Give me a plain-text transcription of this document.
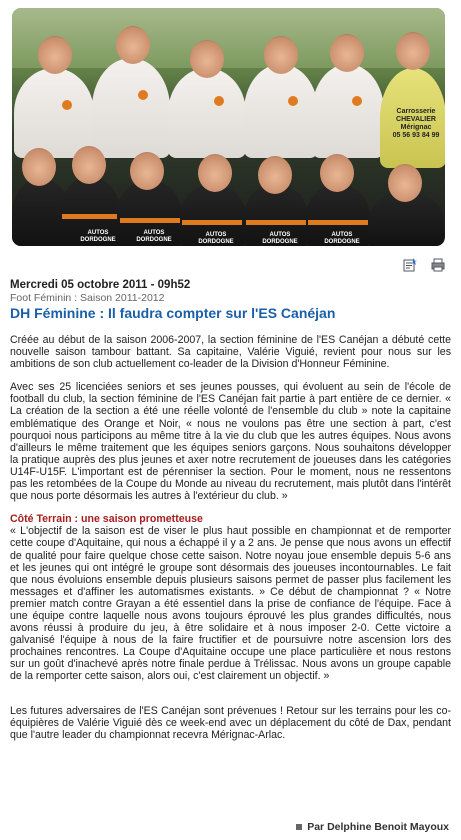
Carrosserie
CHEVALIER
Mérignac
05 56 93 84 99
AUTOS
DORDOGNE
AUTOS
DORDOGNE
AUTOS
DORDOGNE
AUTOS
DORDOGNE
AUTOS
DORDOGNE
Mercredi 05 octobre 2011 - 09h52
Foot Féminin : Saison 2011-2012
DH Féminine : Il faudra compter sur l'ES Canéjan

Créée au début de la saison 2006-2007, la section féminine de l'ES Canéjan a débuté cette nouvelle saison tambour battant. Sa capitaine, Valérie Viguié, revient pour nous sur les ambitions de son club actuellement co-leader de la Division d'Honneur Féminine.

Avec ses 25 licenciées seniors et ses jeunes pousses, qui évoluent au sein de l'école de football du club, la section féminine de l'ES Canéjan fait partie à part entière de ce dernier. « La création de la section a été une réelle volonté de l'ensemble du club » note la capitaine emblématique des Orange et Noir, « nous ne voulons pas être une section à part, c'est pourquoi nous participons au même titre à la vie du club que les autres équipes. Nous avons d'ailleurs le même traitement que les équipes seniors garçons. Nous souhaitons développer la pratique auprès des plus jeunes et axer notre recrutement de joueuses dans les catégories U14F-U15F. L'important est de pérenniser la section. Pour le moment, nous ne ressentons pas les retombées de la Coupe du Monde au niveau du recrutement, mais plutôt dans l'intérêt que nous porte désormais les autres à l'extérieur du club. »

Côté Terrain : une saison prometteuse

« L'objectif de la saison est de viser le plus haut possible en championnat et de remporter cette coupe d'Aquitaine, qui nous a échappé il y a 2 ans. Je pense que nous avons un effectif de qualité pour faire quelque chose cette saison. Notre noyau joue ensemble depuis 5-6 ans et les jeunes qui ont intégré le groupe sont désormais des joueuses incontournables. Le fait que nous évoluions ensemble depuis plusieurs saisons permet de passer plus facilement les messages et d'affiner les automatismes existants. » Ce début de championnat ? « Notre premier match contre Grayan a été essentiel dans la prise de confiance de l'équipe. Face à une équipe contre laquelle nous avons toujours éprouvé les plus grandes difficultés, nous avons réussi à produire du jeu, à être solidaire et à nous imposer 2-0. Cette victoire a galvanisé l'équipe à nous de la faire fructifier et de poursuivre notre ascension lors des prochaines rencontres. La Coupe d'Aquitaine occupe une place particulière et nous restons sur un goût d'inachevé après notre finale perdue à Trélissac. Nous avons un groupe capable de la remporter cette saison, alors oui, c'est clairement un objectif. »

Les futures adversaires de l'ES Canéjan sont prévenues ! Retour sur les terrains pour les co-équipières de Valérie Viguié dès ce week-end avec un déplacement du côté de Dax, pendant que l'autre leader du championnat recevra Mérignac-Arlac.

Par Delphine Benoit Mayoux
